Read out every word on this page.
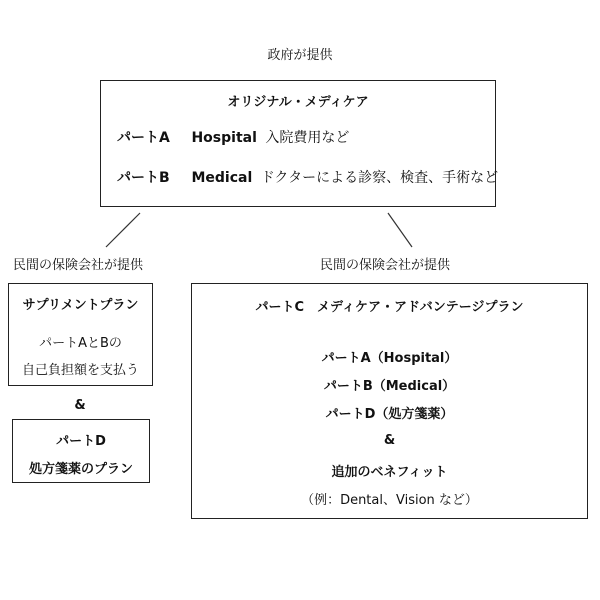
政府が提供
オリジナル・メディケア
パートA Hospital 入院費用など
パートB Medical ドクターによる診察、検査、手術など
民間の保険会社が提供
サプリメントプラン
パートAとBの
自己負担額を支払う
&
パートD
処方箋薬のプラン
民間の保険会社が提供
パートC　メディケア・アドバンテージプラン
パートA（Hospital）
パートB（Medical）
パートD（処方箋薬）
&
追加のベネフィット
（例：Dental、Vision など）
